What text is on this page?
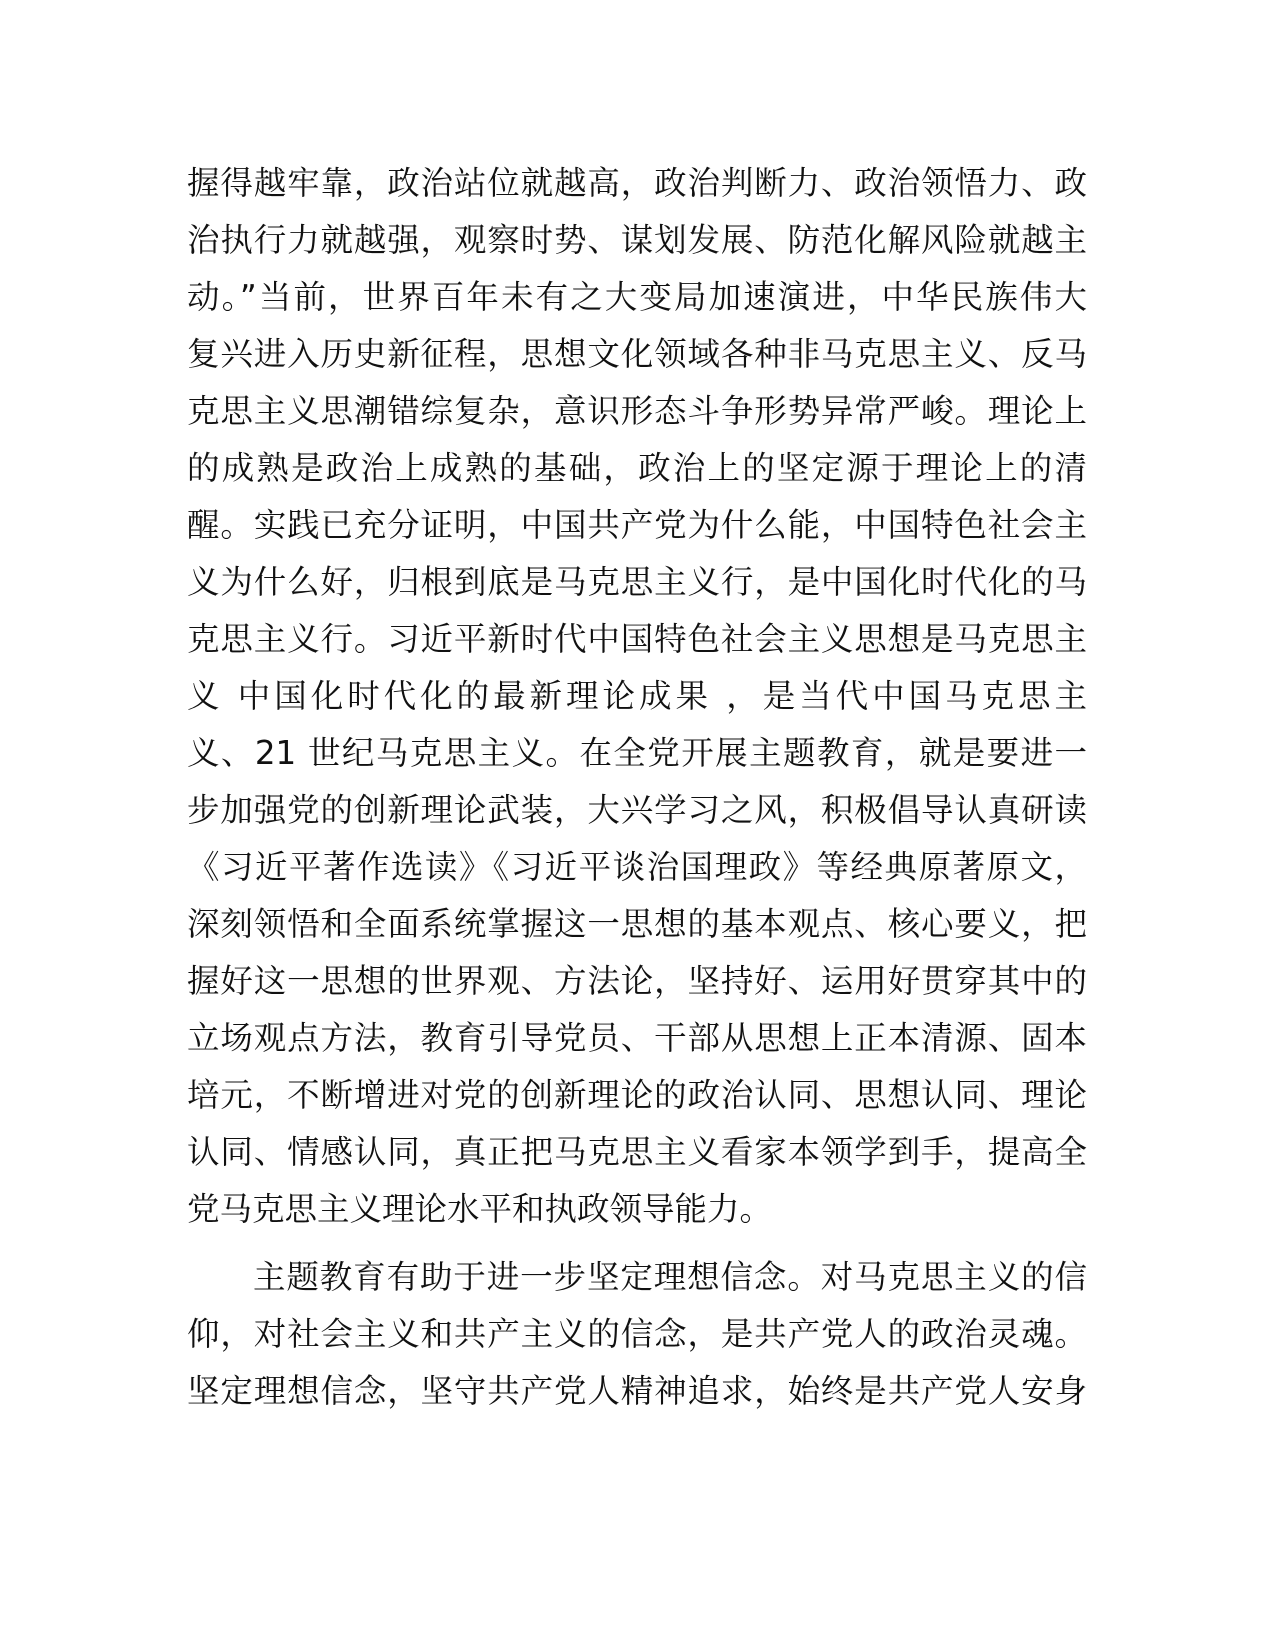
握得越牢靠，政治站位就越高，政治判断力、政治领悟力、政
治执行力就越强，观察时势、谋划发展、防范化解风险就越主
动。”当前，世界百年未有之大变局加速演进，中华民族伟大
复兴进入历史新征程，思想文化领域各种非马克思主义、反马
克思主义思潮错综复杂，意识形态斗争形势异常严峻。理论上
的成熟是政治上成熟的基础，政治上的坚定源于理论上的清
醒。实践已充分证明，中国共产党为什么能，中国特色社会主
义为什么好，归根到底是马克思主义行，是中国化时代化的马
克思主义行。习近平新时代中国特色社会主义思想是马克思主
义 中国化时代化的最新理论成果 ，是当代中国马克思主
义、21 世纪马克思主义。在全党开展主题教育，就是要进一
步加强党的创新理论武装，大兴学习之风，积极倡导认真研读
《习近平著作选读》《习近平谈治国理政》等经典原著原文，
深刻领悟和全面系统掌握这一思想的基本观点、核心要义，把
握好这一思想的世界观、方法论，坚持好、运用好贯穿其中的
立场观点方法，教育引导党员、干部从思想上正本清源、固本
培元，不断增进对党的创新理论的政治认同、思想认同、理论
认同、情感认同，真正把马克思主义看家本领学到手，提高全
党马克思主义理论水平和执政领导能力。
主题教育有助于进一步坚定理想信念。对马克思主义的信
仰，对社会主义和共产主义的信念，是共产党人的政治灵魂。
坚定理想信念，坚守共产党人精神追求，始终是共产党人安身
